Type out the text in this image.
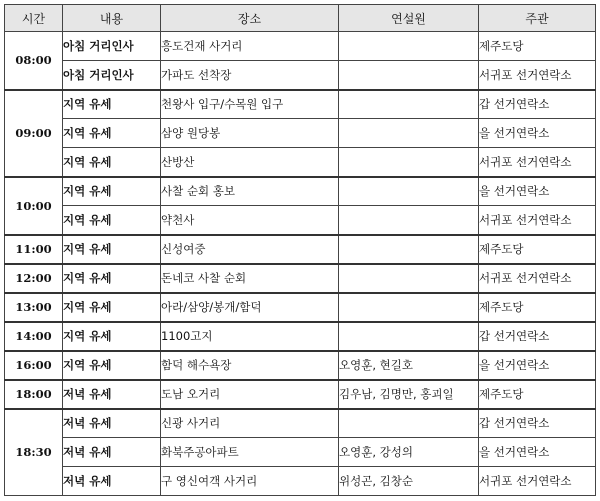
시간	내용	장소	연설원	주관
08:00	아침 거리인사	흥도건재 사거리		제주도당
	아침 거리인사	가파도 선착장		서귀포 선거연락소
09:00	지역 유세	천왕사 입구/수목원 입구		갑 선거연락소
	지역 유세	삼양 원당봉		을 선거연락소
	지역 유세	산방산		서귀포 선거연락소
10:00	지역 유세	사찰 순회 홍보		을 선거연락소
	지역 유세	약천사		서귀포 선거연락소
11:00	지역 유세	신성여중		제주도당
12:00	지역 유세	돈네코 사찰 순회		서귀포 선거연락소
13:00	지역 유세	아라/삼양/봉개/함덕		제주도당
14:00	지역 유세	1100고지		갑 선거연락소
16:00	지역 유세	함덕 해수욕장	오영훈, 현길호	을 선거연락소
18:00	저녁 유세	도남 오거리	김우남, 김명만, 홍괴일	제주도당
18:30	저녁 유세	신광 사거리		갑 선거연락소
	저녁 유세	화북주공아파트	오영훈, 강성의	을 선거연락소
	저녁 유세	구 영신여객 사거리	위성곤, 김창순	서귀포 선거연락소
